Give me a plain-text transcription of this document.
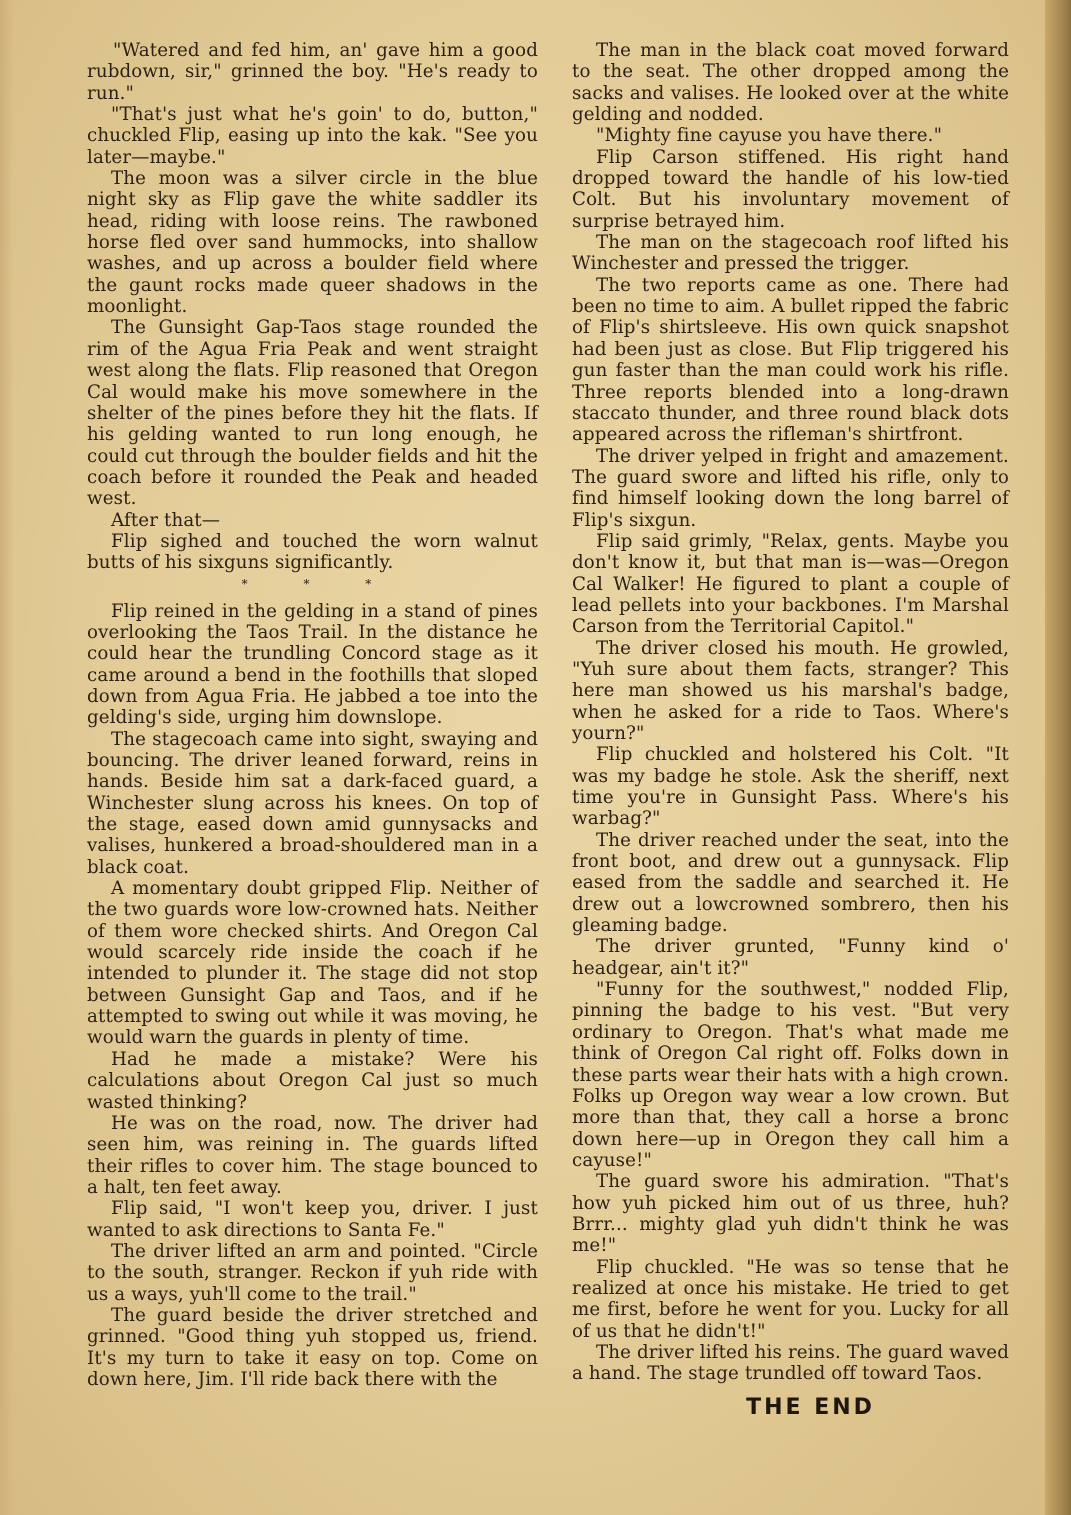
"Watered and fed him, an' gave him a good rubdown, sir," grinned the boy. "He's ready to run."

"That's just what he's goin' to do, button," chuckled Flip, easing up into the kak. "See you later—maybe."

The moon was a silver circle in the blue night sky as Flip gave the white saddler its head, riding with loose reins. The rawboned horse fled over sand hummocks, into shallow washes, and up across a boulder field where the gaunt rocks made queer shadows in the moonlight.

The Gunsight Gap-Taos stage rounded the rim of the Agua Fria Peak and went straight west along the flats. Flip reasoned that Oregon Cal would make his move somewhere in the shelter of the pines before they hit the flats. If his gelding wanted to run long enough, he could cut through the boulder fields and hit the coach before it rounded the Peak and headed west.

After that—

Flip sighed and touched the worn walnut butts of his sixguns significantly.

* * *

Flip reined in the gelding in a stand of pines overlooking the Taos Trail. In the distance he could hear the trundling Concord stage as it came around a bend in the foothills that sloped down from Agua Fria. He jabbed a toe into the gelding's side, urging him downslope.

The stagecoach came into sight, swaying and bouncing. The driver leaned forward, reins in hands. Beside him sat a dark-faced guard, a Winchester slung across his knees. On top of the stage, eased down amid gunnysacks and valises, hunkered a broad-shouldered man in a black coat.

A momentary doubt gripped Flip. Neither of the two guards wore low-crowned hats. Neither of them wore checked shirts. And Oregon Cal would scarcely ride inside the coach if he intended to plunder it. The stage did not stop between Gunsight Gap and Taos, and if he attempted to swing out while it was moving, he would warn the guards in plenty of time.

Had he made a mistake? Were his calculations about Oregon Cal just so much wasted thinking?

He was on the road, now. The driver had seen him, was reining in. The guards lifted their rifles to cover him. The stage bounced to a halt, ten feet away.

Flip said, "I won't keep you, driver. I just wanted to ask directions to Santa Fe."

The driver lifted an arm and pointed. "Circle to the south, stranger. Reckon if yuh ride with us a ways, yuh'll come to the trail."

The guard beside the driver stretched and grinned. "Good thing yuh stopped us, friend. It's my turn to take it easy on top. Come on down here, Jim. I'll ride back there with the

The man in the black coat moved forward to the seat. The other dropped among the sacks and valises. He looked over at the white gelding and nodded.

"Mighty fine cayuse you have there."

Flip Carson stiffened. His right hand dropped toward the handle of his low-tied Colt. But his involuntary movement of surprise betrayed him.

The man on the stagecoach roof lifted his Winchester and pressed the trigger.

The two reports came as one. There had been no time to aim. A bullet ripped the fabric of Flip's shirtsleeve. His own quick snapshot had been just as close. But Flip triggered his gun faster than the man could work his rifle. Three reports blended into a long-drawn staccato thunder, and three round black dots appeared across the rifleman's shirtfront.

The driver yelped in fright and amazement. The guard swore and lifted his rifle, only to find himself looking down the long barrel of Flip's sixgun.

Flip said grimly, "Relax, gents. Maybe you don't know it, but that man is—was—Oregon Cal Walker! He figured to plant a couple of lead pellets into your backbones. I'm Marshal Carson from the Territorial Capitol."

The driver closed his mouth. He growled, "Yuh sure about them facts, stranger? This here man showed us his marshal's badge, when he asked for a ride to Taos. Where's yourn?"

Flip chuckled and holstered his Colt. "It was my badge he stole. Ask the sheriff, next time you're in Gunsight Pass. Where's his warbag?"

The driver reached under the seat, into the front boot, and drew out a gunnysack. Flip eased from the saddle and searched it. He drew out a lowcrowned sombrero, then his gleaming badge.

The driver grunted, "Funny kind o' headgear, ain't it?"

"Funny for the southwest," nodded Flip, pinning the badge to his vest. "But very ordinary to Oregon. That's what made me think of Oregon Cal right off. Folks down in these parts wear their hats with a high crown. Folks up Oregon way wear a low crown. But more than that, they call a horse a bronc down here—up in Oregon they call him a cayuse!"

The guard swore his admiration. "That's how yuh picked him out of us three, huh? Brrr... mighty glad yuh didn't think he was me!"

Flip chuckled. "He was so tense that he realized at once his mistake. He tried to get me first, before he went for you. Lucky for all of us that he didn't!"

The driver lifted his reins. The guard waved a hand. The stage trundled off toward Taos.

THE END
